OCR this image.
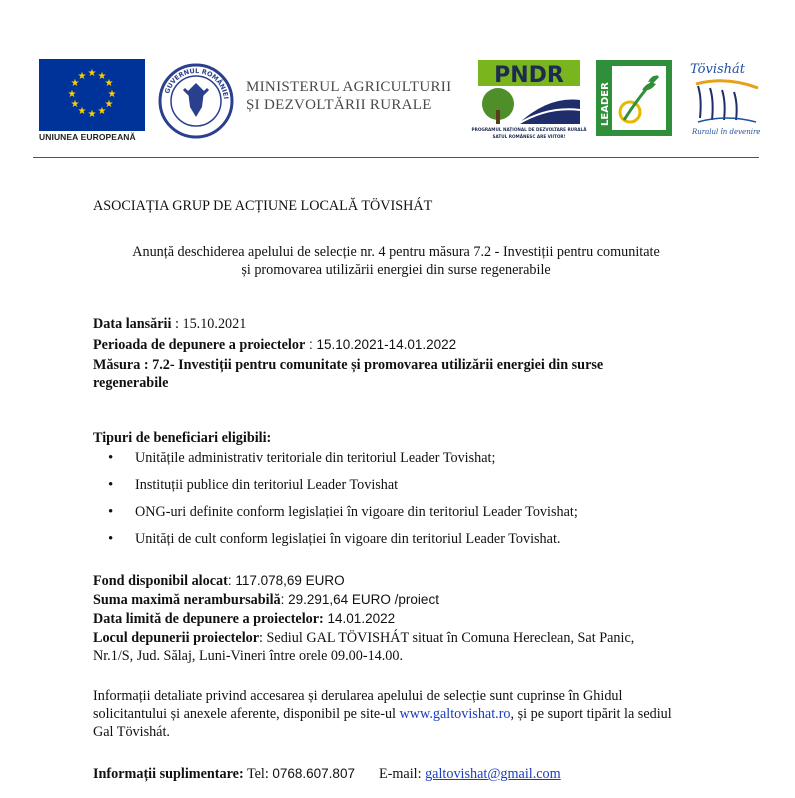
★ ★
★
★
★
★
★
★
★
★
★
★
UNIUNEA EUROPEANĂ
GUVERNUL ROMÂNIEI
MINISTERUL AGRICULTURII
ȘI DEZVOLTĂRII RURALE
PNDR
PROGRAMUL NAȚIONAL DE DEZVOLTARE RURALĂ
SATUL ROMÂNESC ARE VIITOR!
LEADER
Tövishát
Ruralul în devenire
ASOCIAȚIA GRUP DE ACȚIUNE LOCALĂ TÖVISHÁT
Anunță deschiderea apelului de selecție nr. 4 pentru măsura 7.2 - Investiții pentru comunitate
și promovarea utilizării energiei din surse regenerabile
Data lansării : 15.10.2021
Perioada de depunere a proiectelor : 15.10.2021-14.01.2022
Măsura : 7.2- Investiții pentru comunitate și promovarea utilizării energiei din surse
regenerabile
Tipuri de beneficiari eligibili:
• Unitățile administrativ teritoriale din teritoriul Leader Tovishat;
• Instituții publice din teritoriul Leader Tovishat
• ONG-uri definite conform legislației în vigoare din teritoriul Leader Tovishat;
• Unități de cult conform legislației în vigoare din teritoriul Leader Tovishat.
Fond disponibil alocat: 117.078,69 EURO
Suma maximă nerambursabilă: 29.291,64 EURO /proiect
Data limită de depunere a proiectelor: 14.01.2022
Locul depunerii proiectelor: Sediul GAL TÖVISHÁT situat în Comuna Hereclean, Sat Panic,
Nr.1/S, Jud. Sălaj, Luni-Vineri între orele 09.00-14.00.
Informații detaliate privind accesarea și derularea apelului de selecție sunt cuprinse în Ghidul
solicitantului și anexele aferente, disponibil pe site-ul www.galtovishat.ro, și pe suport tipărit la sediul
Gal Tövishát.
Informații suplimentare: Tel: 0768.607.807 E-mail: galtovishat@gmail.com
